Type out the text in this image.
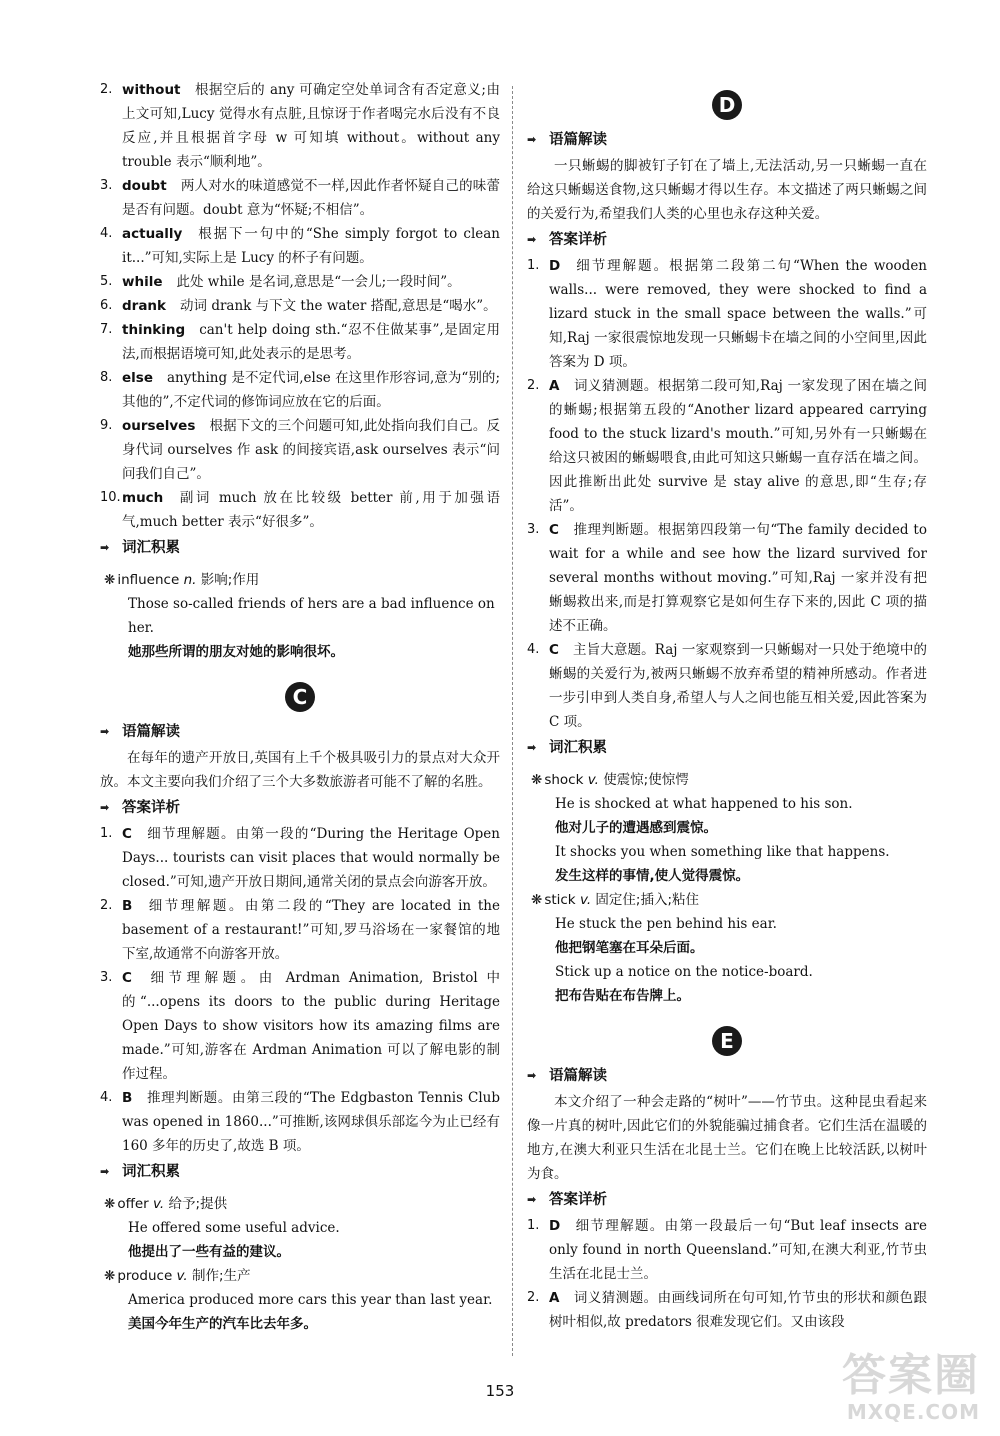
2. without 根据空后的 any 可确定空处单词含有否定意义;由上文可知,Lucy 觉得水有点脏,且惊讶于作者喝完水后没有不良反应,并且根据首字母 w 可知填 without。without any trouble 表示“顺利地”。
3. doubt 两人对水的味道感觉不一样,因此作者怀疑自己的味蕾是否有问题。doubt 意为“怀疑;不相信”。
4. actually 根据下一句中的“She simply forgot to clean it...”可知,实际上是 Lucy 的杯子有问题。
5. while 此处 while 是名词,意思是“一会儿;一段时间”。
6. drank 动词 drank 与下文 the water 搭配,意思是“喝水”。
7. thinking can't help doing sth.“忍不住做某事”,是固定用法,而根据语境可知,此处表示的是思考。
8. else anything 是不定代词,else 在这里作形容词,意为“别的;其他的”,不定代词的修饰词应放在它的后面。
9. ourselves 根据下文的三个问题可知,此处指向我们自己。反身代词 ourselves 作 ask 的间接宾语,ask ourselves 表示“问问我们自己”。
10. much 副词 much 放在比较级 better 前,用于加强语气,much better 表示“好很多”。
➡ 词汇积累
❋ influence n. 影响;作用
Those so-called friends of hers are a bad influence on her.
她那些所谓的朋友对她的影响很坏。
C
➡ 语篇解读
在每年的遗产开放日,英国有上千个极具吸引力的景点对大众开放。本文主要向我们介绍了三个大多数旅游者可能不了解的名胜。
➡ 答案详析
1. C 细节理解题。由第一段的“During the Heritage Open Days... tourists can visit places that would normally be closed.”可知,遗产开放日期间,通常关闭的景点会向游客开放。
2. B 细节理解题。由第二段的“They are located in the basement of a restaurant!”可知,罗马浴场在一家餐馆的地下室,故通常不向游客开放。
3. C 细节理解题。由 Ardman Animation, Bristol 中的“...opens its doors to the public during Heritage Open Days to show visitors how its amazing films are made.”可知,游客在 Ardman Animation 可以了解电影的制作过程。
4. B 推理判断题。由第三段的“The Edgbaston Tennis Club was opened in 1860...”可推断,该网球俱乐部迄今为止已经有 160 多年的历史了,故选 B 项。
➡ 词汇积累
❋ offer v. 给予;提供
He offered some useful advice.
他提出了一些有益的建议。
❋ produce v. 制作;生产
America produced more cars this year than last year.
美国今年生产的汽车比去年多。
D
➡ 语篇解读
一只蜥蜴的脚被钉子钉在了墙上,无法活动,另一只蜥蜴一直在给这只蜥蜴送食物,这只蜥蜴才得以生存。本文描述了两只蜥蜴之间的关爱行为,希望我们人类的心里也永存这种关爱。
➡ 答案详析
1. D 细节理解题。根据第二段第二句“When the wooden walls... were removed, they were shocked to find a lizard stuck in the small space between the walls.”可知,Raj 一家很震惊地发现一只蜥蜴卡在墙之间的小空间里,因此答案为 D 项。
2. A 词义猜测题。根据第二段可知,Raj 一家发现了困在墙之间的蜥蜴;根据第五段的“Another lizard appeared carrying food to the stuck lizard's mouth.”可知,另外有一只蜥蜴在给这只被困的蜥蜴喂食,由此可知这只蜥蜴一直存活在墙之间。因此推断出此处 survive 是 stay alive 的意思,即“生存;存活”。
3. C 推理判断题。根据第四段第一句“The family decided to wait for a while and see how the lizard survived for several months without moving.”可知,Raj 一家并没有把蜥蜴救出来,而是打算观察它是如何生存下来的,因此 C 项的描述不正确。
4. C 主旨大意题。Raj 一家观察到一只蜥蜴对一只处于绝境中的蜥蜴的关爱行为,被两只蜥蜴不放弃希望的精神所感动。作者进一步引申到人类自身,希望人与人之间也能互相关爱,因此答案为 C 项。
➡ 词汇积累
❋ shock v. 使震惊;使惊愕
He is shocked at what happened to his son.
他对儿子的遭遇感到震惊。
It shocks you when something like that happens.
发生这样的事情,使人觉得震惊。
❋ stick v. 固定住;插入;粘住
He stuck the pen behind his ear.
他把钢笔塞在耳朵后面。
Stick up a notice on the notice-board.
把布告贴在布告牌上。
E
➡ 语篇解读
本文介绍了一种会走路的“树叶”——竹节虫。这种昆虫看起来像一片真的树叶,因此它们的外貌能骗过捕食者。它们生活在温暖的地方,在澳大利亚只生活在北昆士兰。它们在晚上比较活跃,以树叶为食。
➡ 答案详析
1. D 细节理解题。由第一段最后一句“But leaf insects are only found in north Queensland.”可知,在澳大利亚,竹节虫生活在北昆士兰。
2. A 词义猜测题。由画线词所在句可知,竹节虫的形状和颜色跟树叶相似,故 predators 很难发现它们。又由该段
153	答案圈
MXQE.COM
